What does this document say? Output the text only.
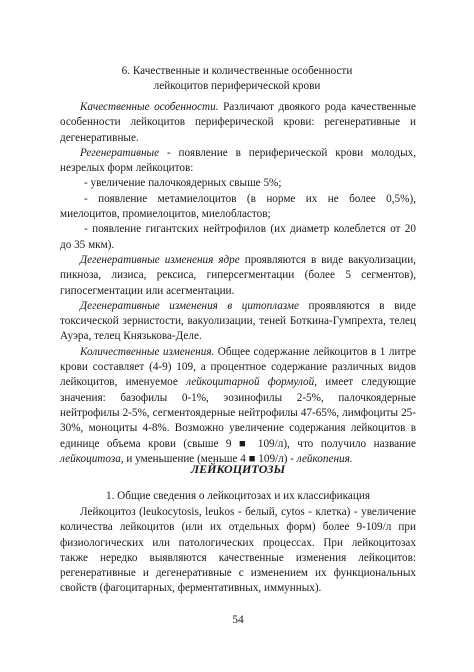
6. Качественные и количественные особенности
лейкоцитов периферической крови

Качественные особенности. Различают двоякого рода качественные особенности лейкоцитов периферической крови: регенеративные и дегенеративные.

Регенеративные - появление в периферической крови молодых, незрелых форм лейкоцитов:

- увеличение палочкоядерных свыше 5%;

- появление метамиелоцитов (в норме их не более 0,5%), миелоцитов, промиелоцитов, миелобластов;

- появление гигантских нейтрофилов (их диаметр колеблется от 20 до 35 мкм).

Дегенеративные изменения ядре проявляются в виде вакуолизации, пикноза, лизиса, рексиса, гиперсегментации (более 5 сегментов), гипосегментации или асегментации.

Дегенеративные изменения в цитоплазме проявляются в виде токсической зернистости, вакуолизации, теней Боткина-Гумпрехта, телец Ауэра, телец Князькова-Деле.

Количественные изменения. Общее содержание лейкоцитов в 1 литре крови составляет (4-9) 109, а процентное содержание различных видов лейкоцитов, именуемое лейкоцитарной формулой, имеет следующие значения: базофилы 0-1%, эозинофилы 2-5%, палочкоядерные нейтрофилы 2-5%, сегментоядерные нейтрофилы 47-65%, лимфоциты 25-30%, моноциты 4-8%. Возможно увеличение содержания лейкоцитов в единице объема крови (свыше 9 ■ 109/л), что получило название лейкоцитоза, и уменьшение (меньше 4 ■ 109/л) - лейкопения.

ЛЕЙКОЦИТОЗЫ
1. Общие сведения о лейкоцитозах и их классификация

Лейкоцитоз (leukocytosis, leukos - белый, cytos - клетка) - увеличение количества лейкоцитов (или их отдельных форм) более 9-109/л при физиологических или патологических процессах. При лейкоцитозах также нередко выявляются качественные изменения лейкоцитов: регенеративные и дегенеративные с изменением их функциональных свойств (фагоцитарных, ферментативных, иммунных).

54
